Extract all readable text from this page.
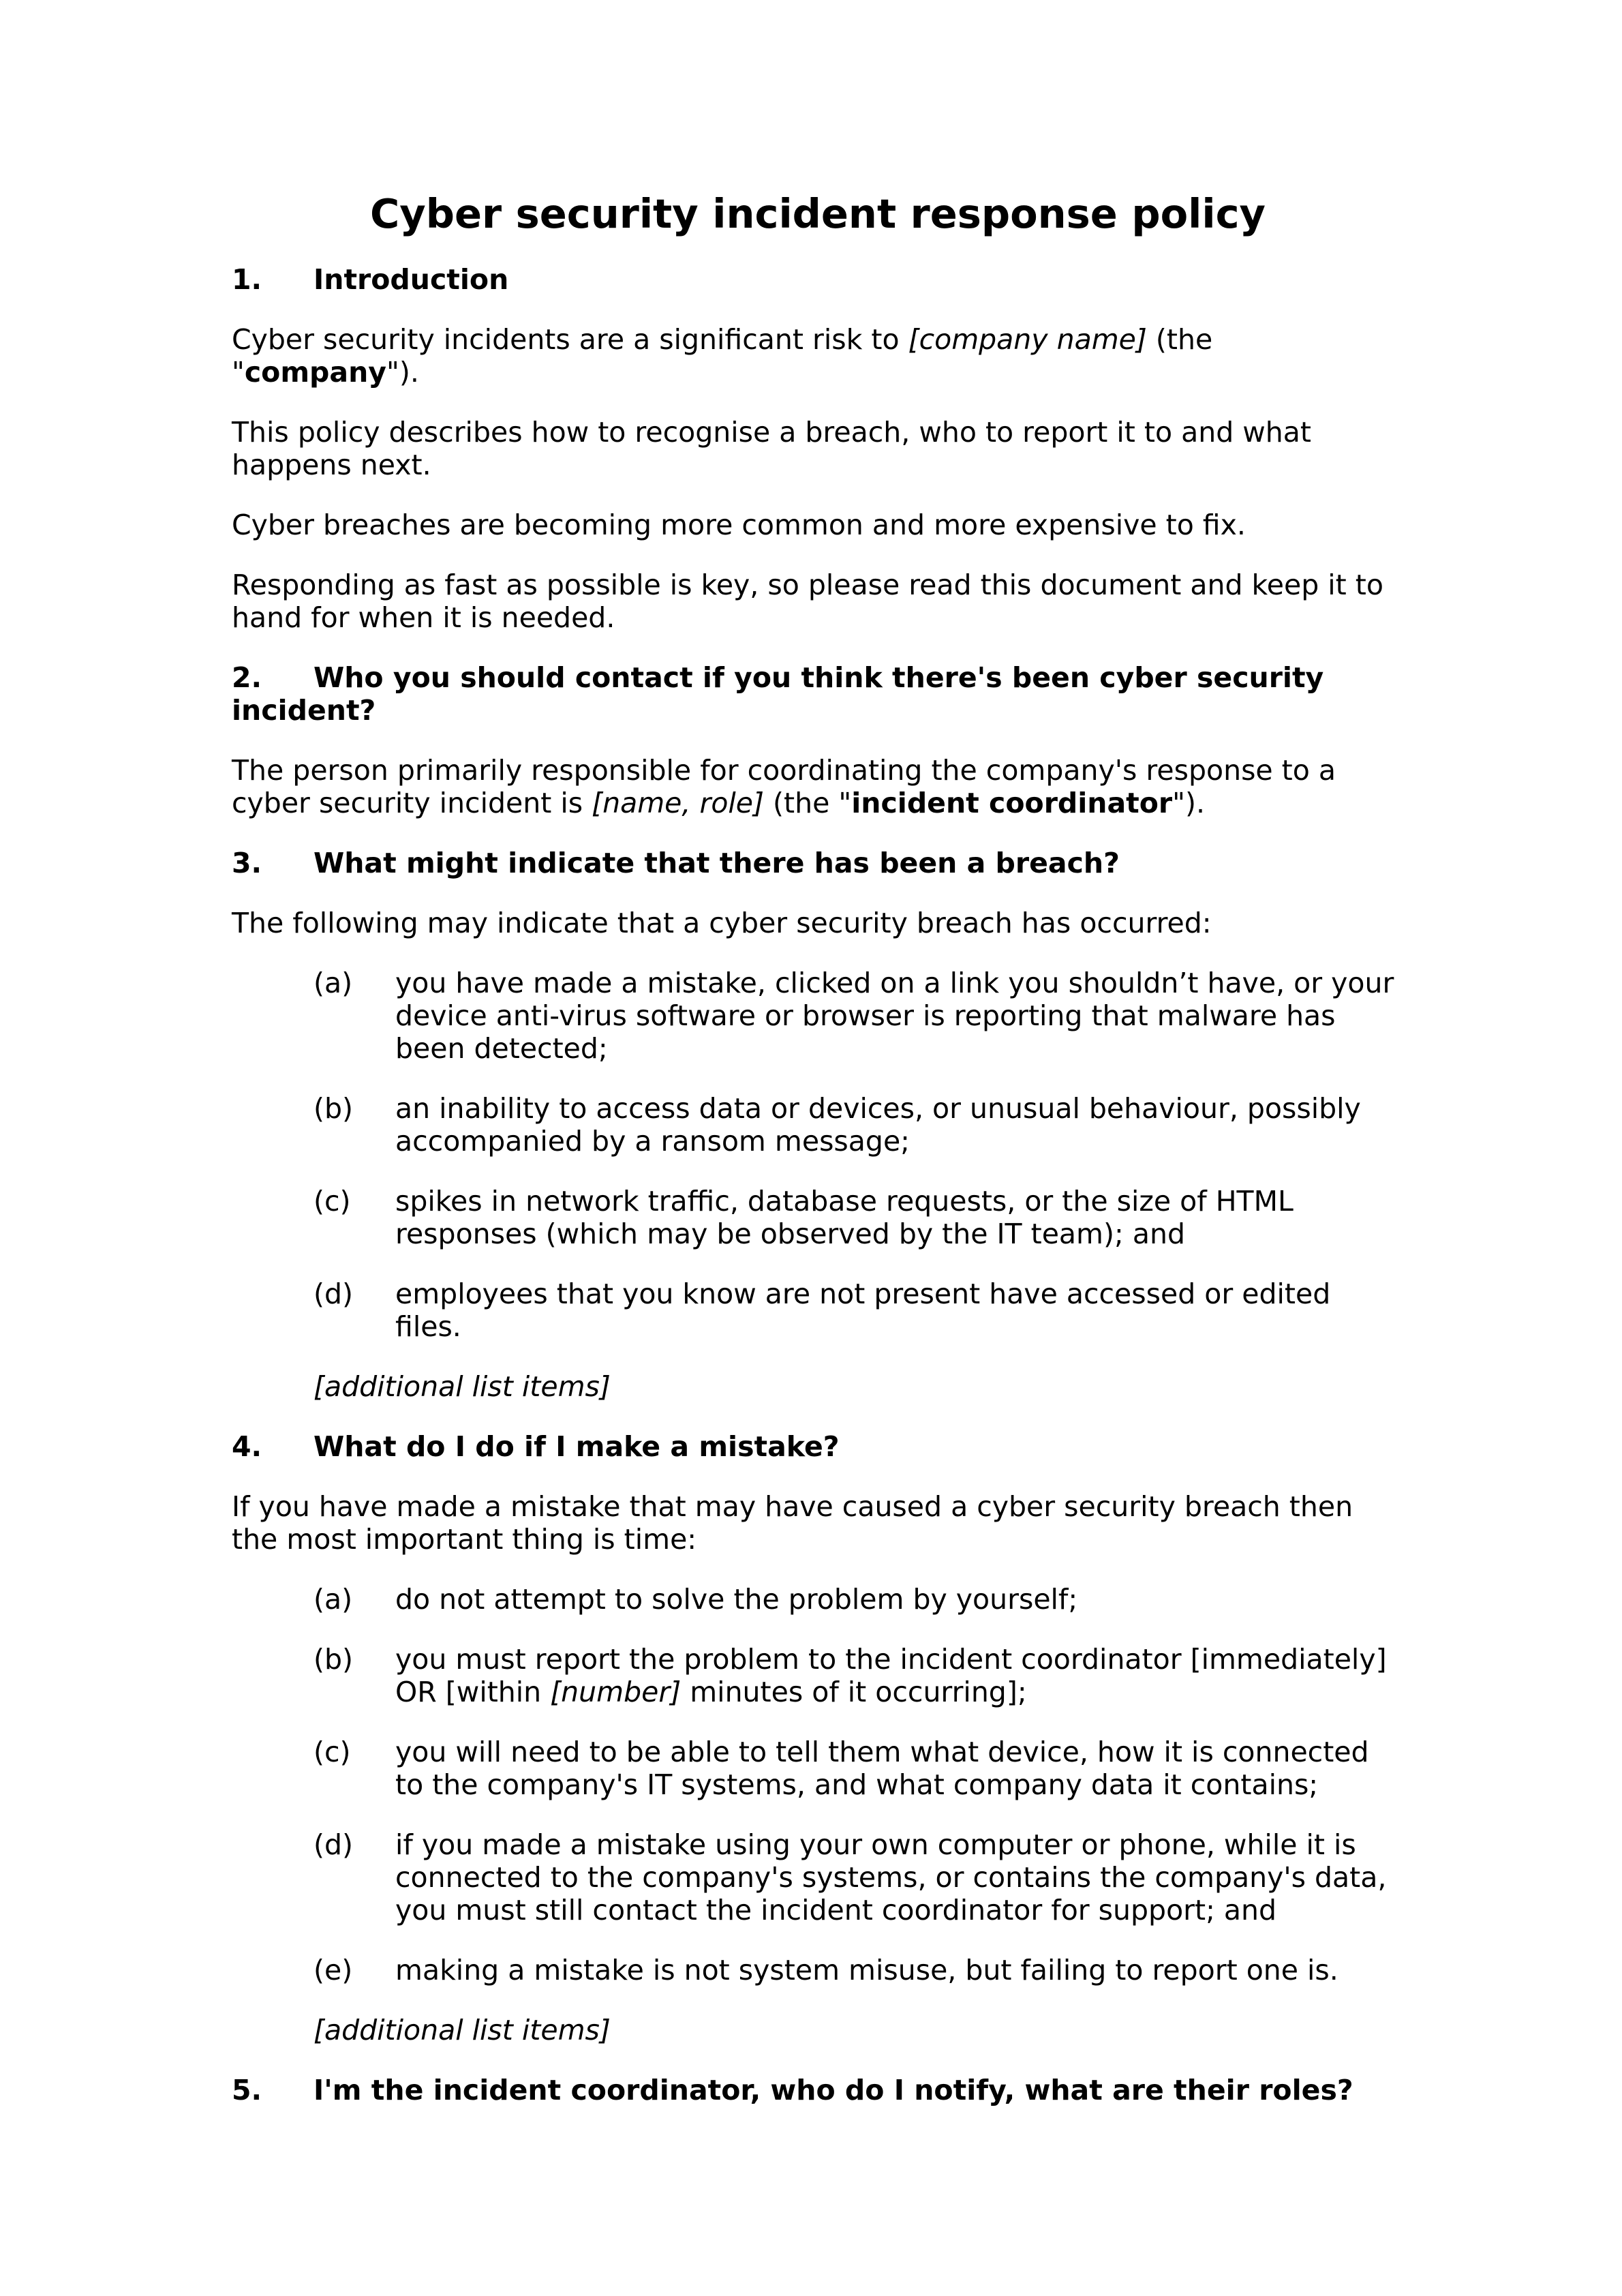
Cyber security incident response policy
1. Introduction

Cyber security incidents are a significant risk to [company name] (the "company").

This policy describes how to recognise a breach, who to report it to and what happens next.

Cyber breaches are becoming more common and more expensive to fix.

Responding as fast as possible is key, so please read this document and keep it to hand for when it is needed.

2. Who you should contact if you think there's been cyber security incident?

The person primarily responsible for coordinating the company's response to a cyber security incident is [name, role] (the "incident coordinator").

3. What might indicate that there has been a breach?

The following may indicate that a cyber security breach has occurred:

(a)	you have made a mistake, clicked on a link you shouldn’t have, or your device anti-virus software or browser is reporting that malware has been detected;
(b)	an inability to access data or devices, or unusual behaviour, possibly accompanied by a ransom message;
(c)	spikes in network traffic, database requests, or the size of HTML responses (which may be observed by the IT team); and
(d)	employees that you know are not present have accessed or edited files.
[additional list items]
4. What do I do if I make a mistake?

If you have made a mistake that may have caused a cyber security breach then the most important thing is time:

(a)	do not attempt to solve the problem by yourself;
(b)	you must report the problem to the incident coordinator [immediately] OR [within [number] minutes of it occurring];
(c)	you will need to be able to tell them what device, how it is connected to the company's IT systems, and what company data it contains;
(d)	if you made a mistake using your own computer or phone, while it is connected to the company's systems, or contains the company's data, you must still contact the incident coordinator for support; and
(e)	making a mistake is not system misuse, but failing to report one is.
[additional list items]
5. I'm the incident coordinator, who do I notify, what are their roles?
